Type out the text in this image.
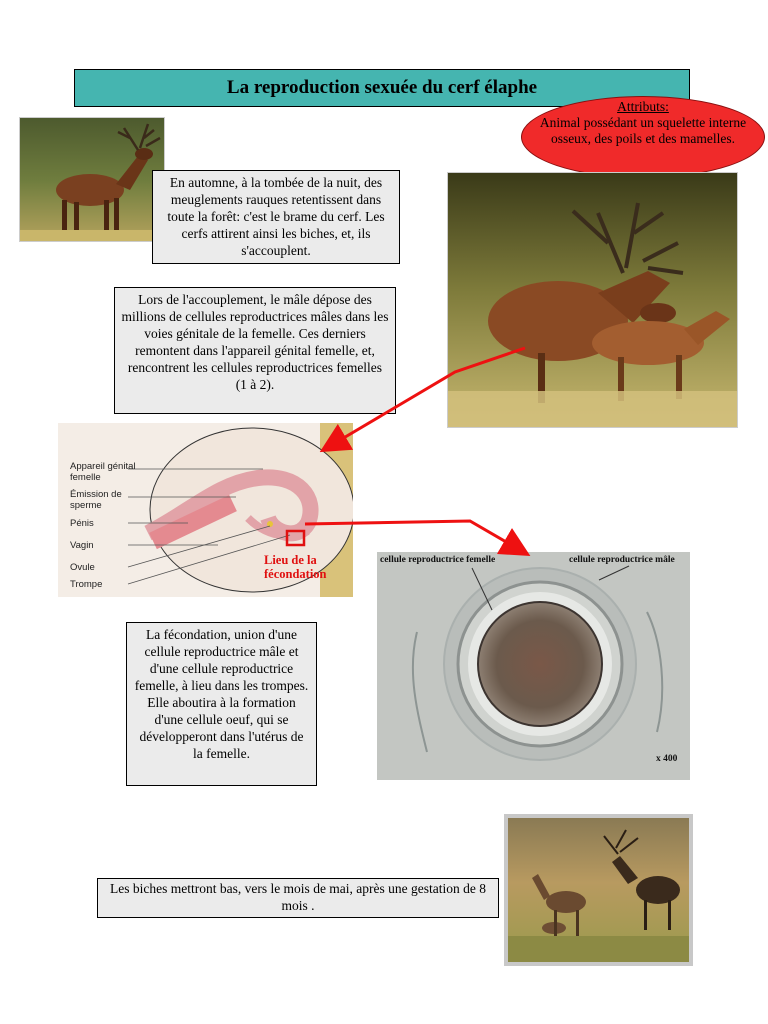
La reproduction sexuée du cerf élaphe
Attributs:
Animal possédant un squelette interne osseux, des poils et des mamelles.
En automne, à la tombée de la nuit, des meuglements rauques retentissent dans toute la forêt: c'est le brame du cerf. Les cerfs attirent ainsi les biches, et, ils s'accouplent.
Lors de l'accouplement, le mâle dépose des millions de cellules reproductrices mâles dans les voies génitale de la femelle. Ces derniers remontent dans l'appareil génital femelle, et, rencontrent les cellules reproductrices femelles (1 à 2).
Appareil génital femelle
Émission de sperme
Pénis
Vagin
Ovule
Trompe
Lieu de la fécondation
cellule reproductrice femelle	cellule reproductrice mâle
x 400
La fécondation, union d'une cellule reproductrice mâle et d'une cellule reproductrice femelle, à lieu dans les trompes.
Elle aboutira à la formation d'une cellule oeuf, qui se développeront dans l'utérus de la femelle.
Les biches mettront bas, vers le mois de mai, après une gestation de 8 mois .
